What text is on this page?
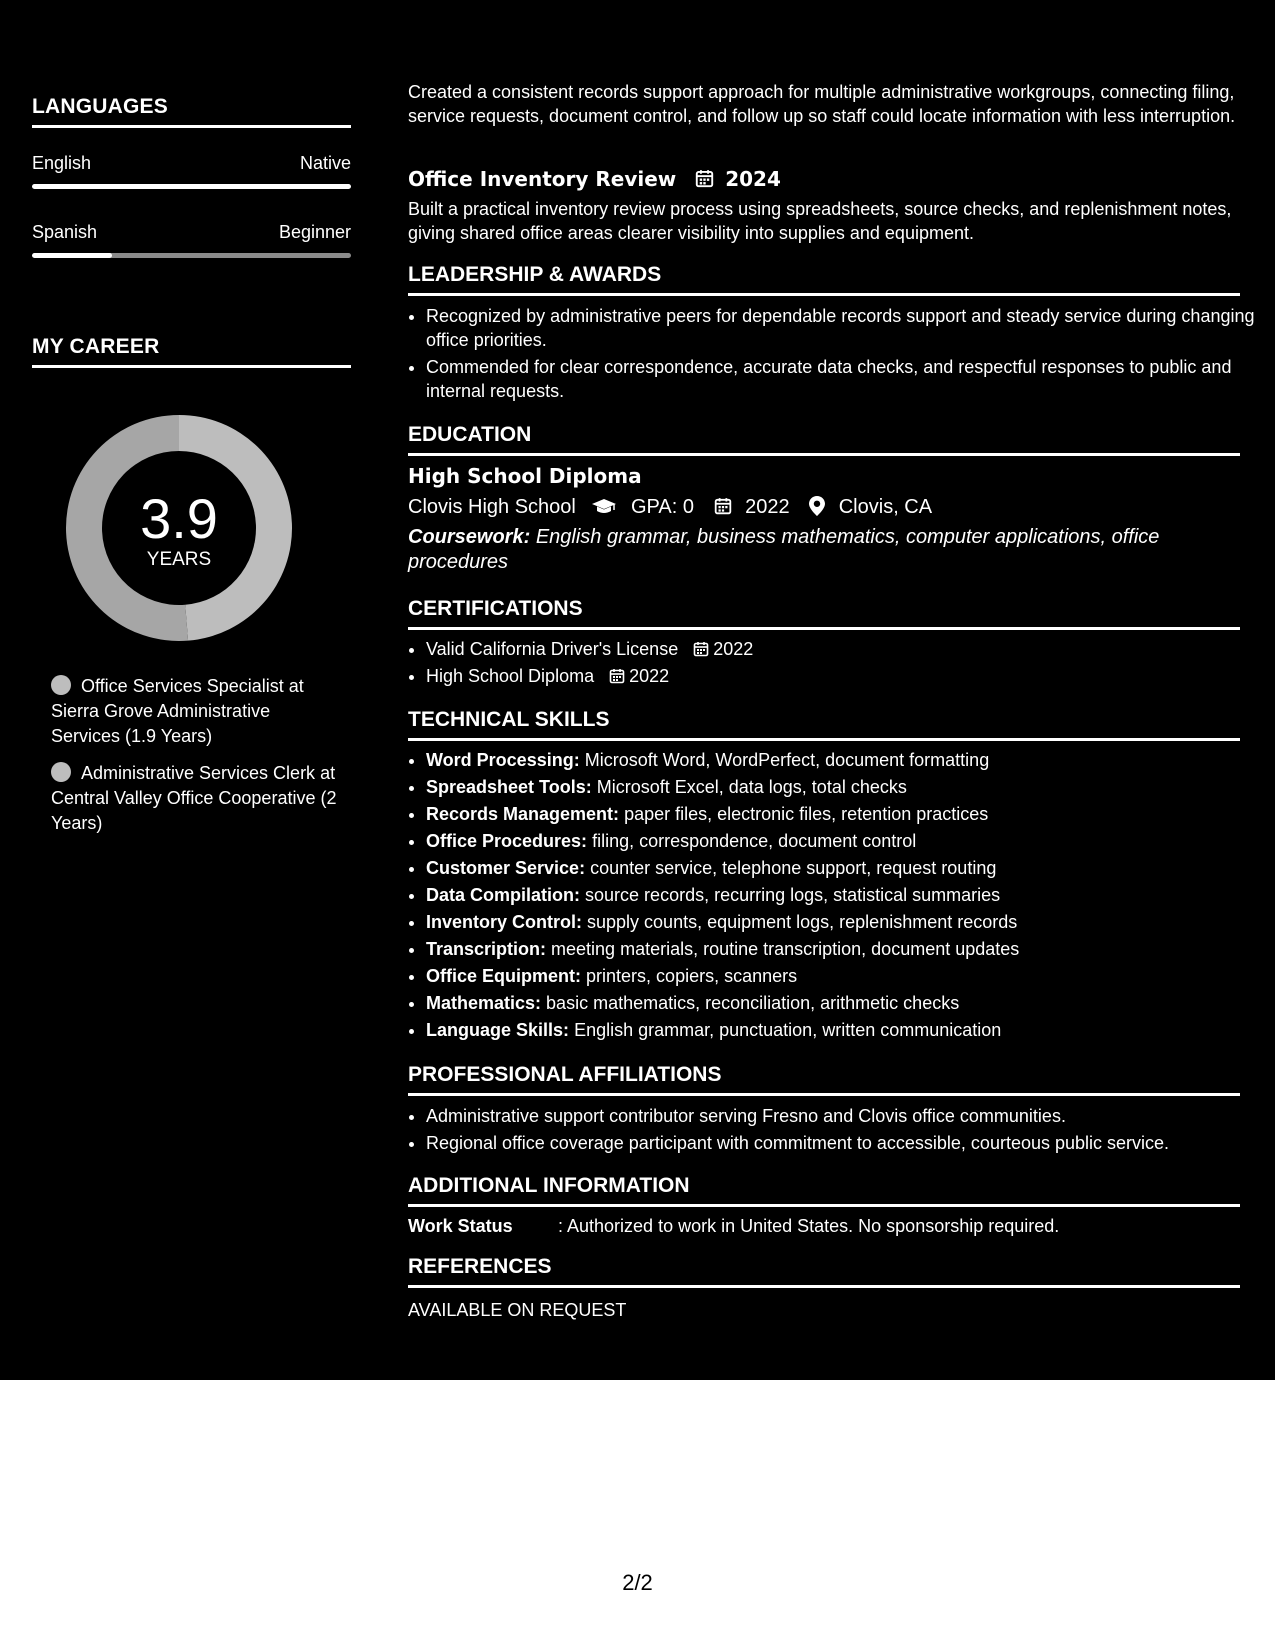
LANGUAGES
English	Native
Spanish	Beginner
MY CAREER
3.9
YEARS
Office Services Specialist at Sierra Grove Administrative Services (1.9 Years)
Administrative Services Clerk at Central Valley Office Cooperative (2 Years)
Created a consistent records support approach for multiple administrative workgroups, connecting filing, service requests, document control, and follow up so staff could locate information with less interruption.
Office Inventory Review 2024
Built a practical inventory review process using spreadsheets, source checks, and replenishment notes, giving shared office areas clearer visibility into supplies and equipment.
LEADERSHIP & AWARDS
• Recognized by administrative peers for dependable records support and steady service during changing office priorities.
• Commended for clear correspondence, accurate data checks, and respectful responses to public and internal requests.
EDUCATION
High School Diploma
Clovis High School	GPA: 0	2022 Clovis, CA
Coursework: English grammar, business mathematics, computer applications, office procedures
CERTIFICATIONS
• Valid California Driver's License 2022
• High School Diploma 2022
TECHNICAL SKILLS
• Word Processing: Microsoft Word, WordPerfect, document formatting
• Spreadsheet Tools: Microsoft Excel, data logs, total checks
• Records Management: paper files, electronic files, retention practices
• Office Procedures: filing, correspondence, document control
• Customer Service: counter service, telephone support, request routing
• Data Compilation: source records, recurring logs, statistical summaries
• Inventory Control: supply counts, equipment logs, replenishment records
• Transcription: meeting materials, routine transcription, document updates
• Office Equipment: printers, copiers, scanners
• Mathematics: basic mathematics, reconciliation, arithmetic checks
• Language Skills: English grammar, punctuation, written communication
PROFESSIONAL AFFILIATIONS
• Administrative support contributor serving Fresno and Clovis office communities.
• Regional office coverage participant with commitment to accessible, courteous public service.
ADDITIONAL INFORMATION
Work Status	: Authorized to work in United States. No sponsorship required.
REFERENCES
AVAILABLE ON REQUEST
2/2
